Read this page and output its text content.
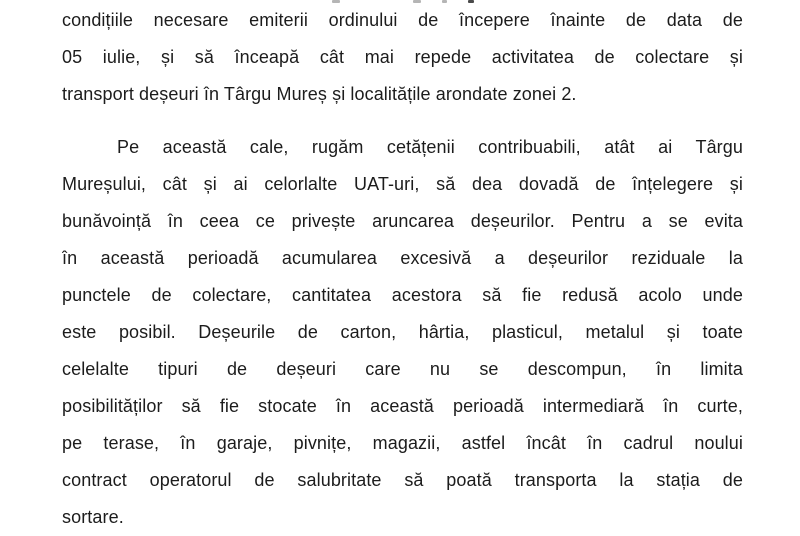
condițiile necesare emiterii ordinului de începere înainte de data de
05 iulie, și să înceapă cât mai repede activitatea de colectare și
transport deșeuri în Târgu Mureș și localitățile arondate zonei 2.
Pe această cale, rugăm cetățenii contribuabili, atât ai Târgu
Mureșului, cât și ai celorlalte UAT-uri, să dea dovadă de înțelegere și
bunăvoință în ceea ce privește aruncarea deșeurilor. Pentru a se evita
în această perioadă acumularea excesivă a deșeurilor reziduale la
punctele de colectare, cantitatea acestora să fie redusă acolo unde
este posibil. Deșeurile de carton, hârtia, plasticul, metalul și toate
celelalte tipuri de deșeuri care nu se descompun, în limita
posibilităților să fie stocate în această perioadă intermediară în curte,
pe terase, în garaje, pivnițe, magazii, astfel încât în cadrul noului
contract operatorul de salubritate să poată transporta la stația de
sortare.
